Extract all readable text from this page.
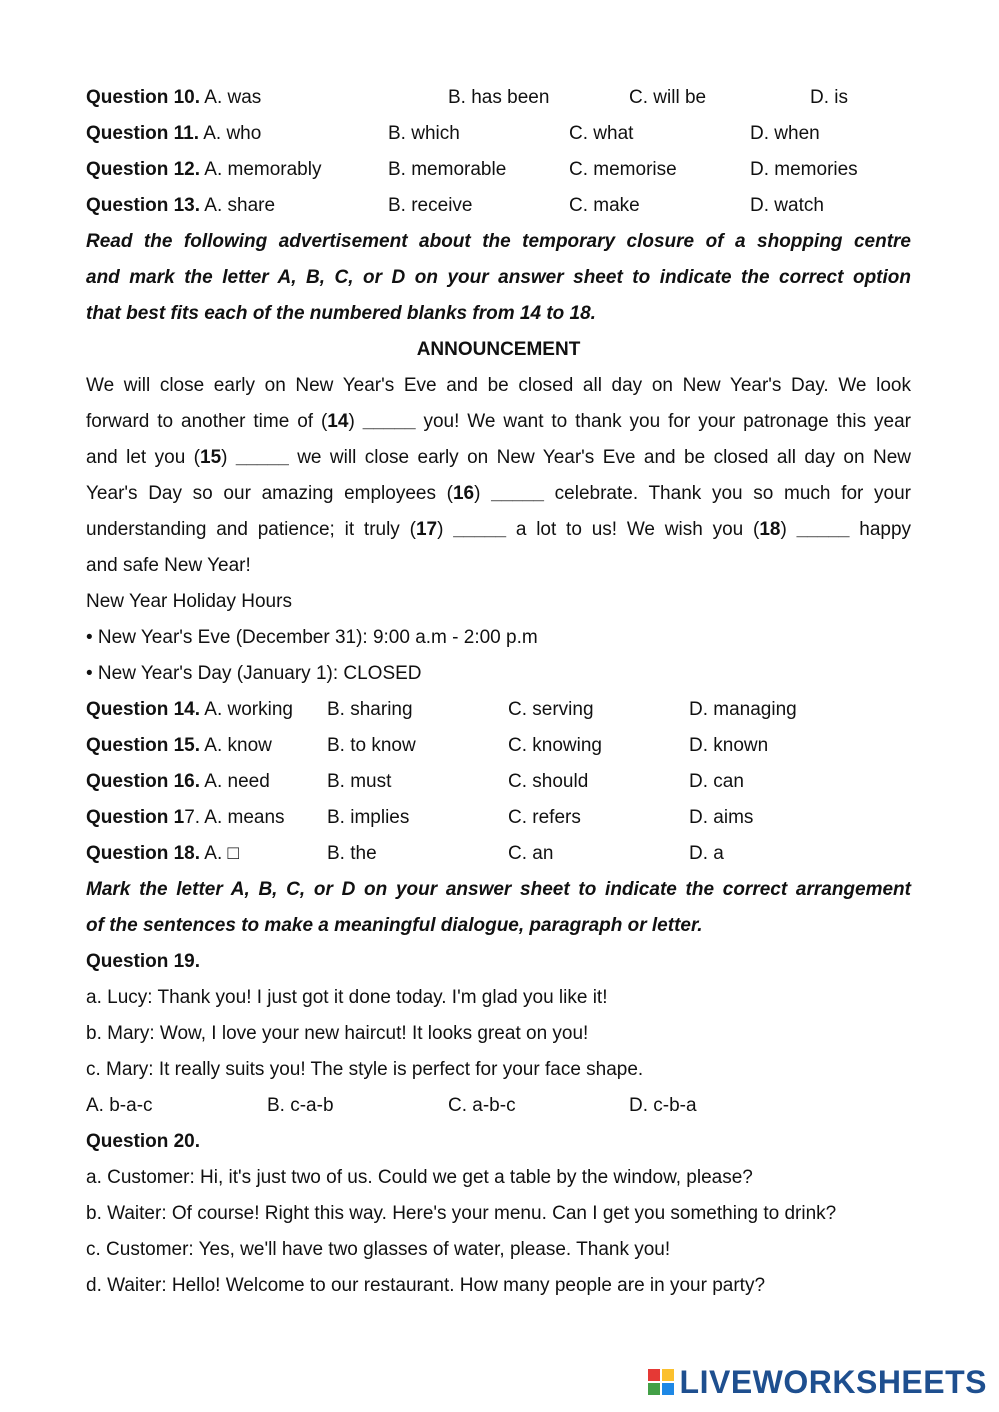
Question 10. A. was	B. has been	C. will be	D. is
Question 11. A. who	B. which	C. what	D. when
Question 12. A. memorably	B. memorable	C. memorise	D. memories
Question 13. A. share	B. receive	C. make	D. watch
Read the following advertisement about the temporary closure of a shopping centre
and mark the letter A, B, C, or D on your answer sheet to indicate the correct option
that best fits each of the numbered blanks from 14 to 18.
ANNOUNCEMENT
We will close early on New Year's Eve and be closed all day on New Year's Day. We look
forward to another time of (14) _____ you! We want to thank you for your patronage this year
and let you (15) _____ we will close early on New Year's Eve and be closed all day on New
Year's Day so our amazing employees (16) _____ celebrate. Thank you so much for your
understanding and patience; it truly (17) _____ a lot to us! We wish you (18) _____ happy
and safe New Year!
New Year Holiday Hours
• New Year's Eve (December 31): 9:00 a.m - 2:00 p.m
• New Year's Day (January 1): CLOSED
Question 14. A. working B. sharing	C. serving	D. managing
Question 15. A. know	B. to know	C. knowing	D. known
Question 16. A. need	B. must	C. should	D. can
Question 17. A. means B. implies	C. refers	D. aims
Question 18. A. □	B. the	C. an	D. a
Mark the letter A, B, C, or D on your answer sheet to indicate the correct arrangement
of the sentences to make a meaningful dialogue, paragraph or letter.
Question 19.
a. Lucy: Thank you! I just got it done today. I'm glad you like it!
b. Mary: Wow, I love your new haircut! It looks great on you!
c. Mary: It really suits you! The style is perfect for your face shape.
A. b-a-c	B. c-a-b	C. a-b-c	D. c-b-a
Question 20.
a. Customer: Hi, it's just two of us. Could we get a table by the window, please?
b. Waiter: Of course! Right this way. Here's your menu. Can I get you something to drink?
c. Customer: Yes, we'll have two glasses of water, please. Thank you!
d. Waiter: Hello! Welcome to our restaurant. How many people are in your party?
LIVEWORKSHEETS
